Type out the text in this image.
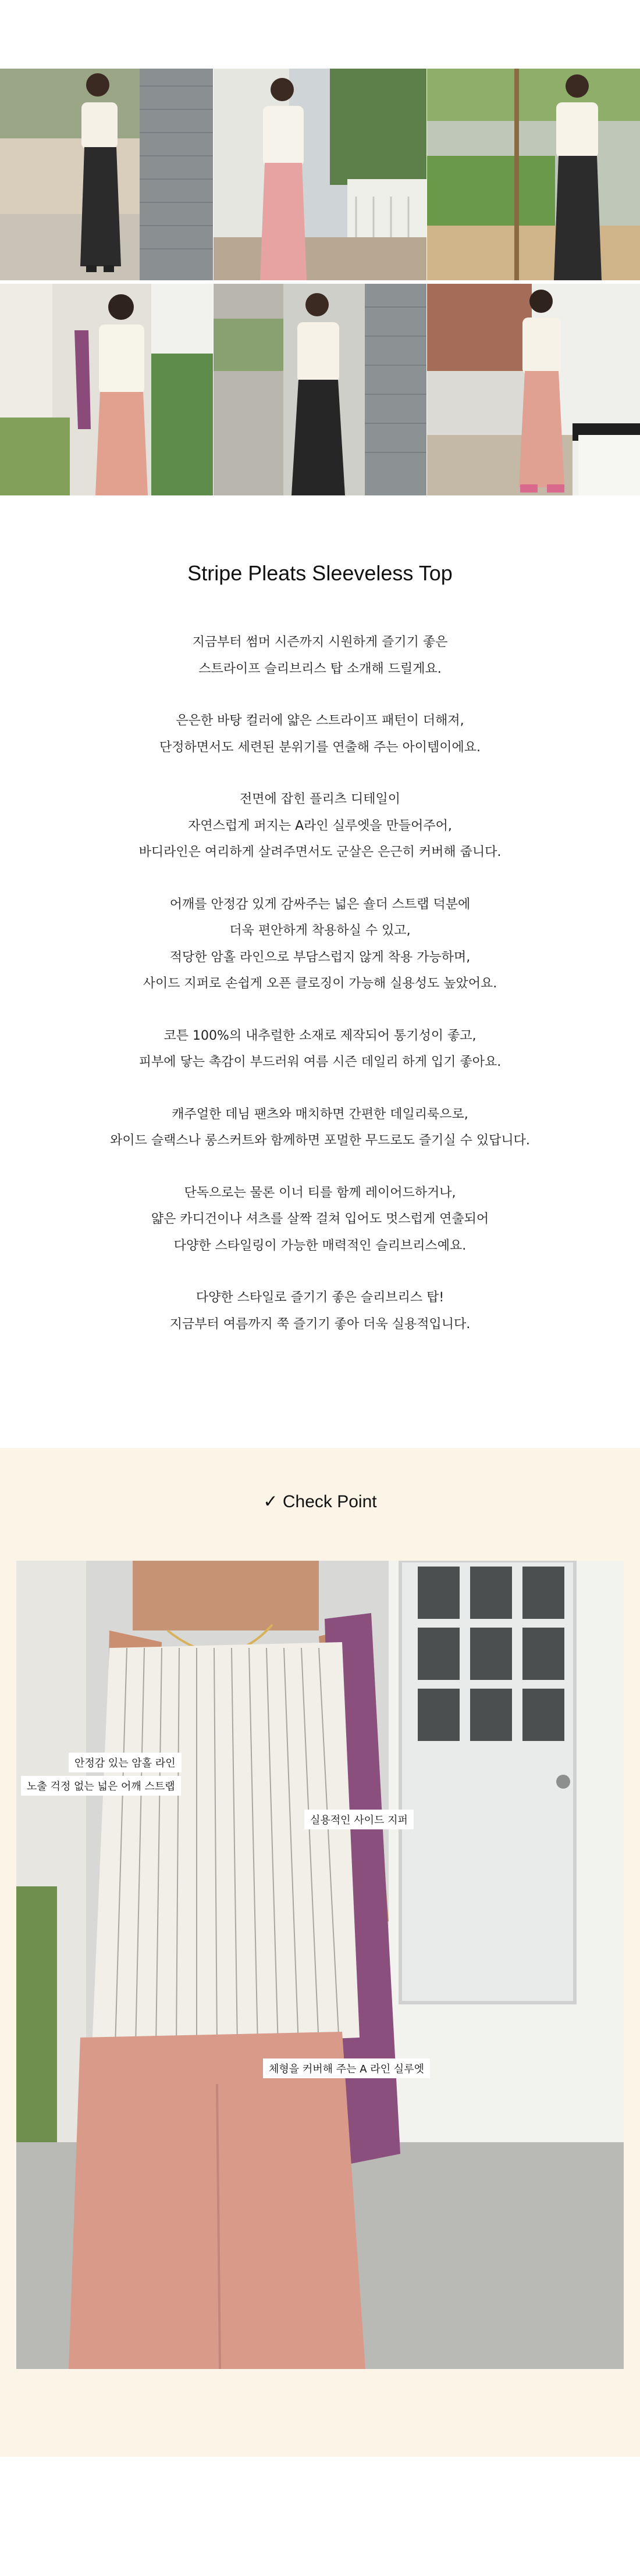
Stripe Pleats Sleeveless Top

지금부터 썸머 시즌까지 시원하게 즐기기 좋은
스트라이프 슬리브리스 탑 소개해 드릴게요.

은은한 바탕 컬러에 얇은 스트라이프 패턴이 더해져,
단정하면서도 세련된 분위기를 연출해 주는 아이템이에요.

전면에 잡힌 플리츠 디테일이
자연스럽게 퍼지는 A라인 실루엣을 만들어주어,
바디라인은 여리하게 살려주면서도 군살은 은근히 커버해 줍니다.

어깨를 안정감 있게 감싸주는 넓은 숄더 스트랩 덕분에
더욱 편안하게 착용하실 수 있고,
적당한 암홀 라인으로 부담스럽지 않게 착용 가능하며,
사이드 지퍼로 손쉽게 오픈 클로징이 가능해 실용성도 높았어요.

코튼 100%의 내추럴한 소재로 제작되어 통기성이 좋고,
피부에 닿는 촉감이 부드러워 여름 시즌 데일리 하게 입기 좋아요.

캐주얼한 데님 팬츠와 매치하면 간편한 데일리룩으로,
와이드 슬랙스나 롱스커트와 함께하면 포멀한 무드로도 즐기실 수 있답니다.

단독으로는 물론 이너 티를 함께 레이어드하거나,
얇은 카디건이나 셔츠를 살짝 걸쳐 입어도 멋스럽게 연출되어
다양한 스타일링이 가능한 매력적인 슬리브리스예요.

다양한 스타일로 즐기기 좋은 슬리브리스 탑!
지금부터 여름까지 쭉 즐기기 좋아 더욱 실용적입니다.

✓ Check Point
안정감 있는 암홀 라인
노출 걱정 없는 넓은 어깨 스트랩
실용적인 사이드 지퍼
체형을 커버해 주는 A 라인 실루엣
